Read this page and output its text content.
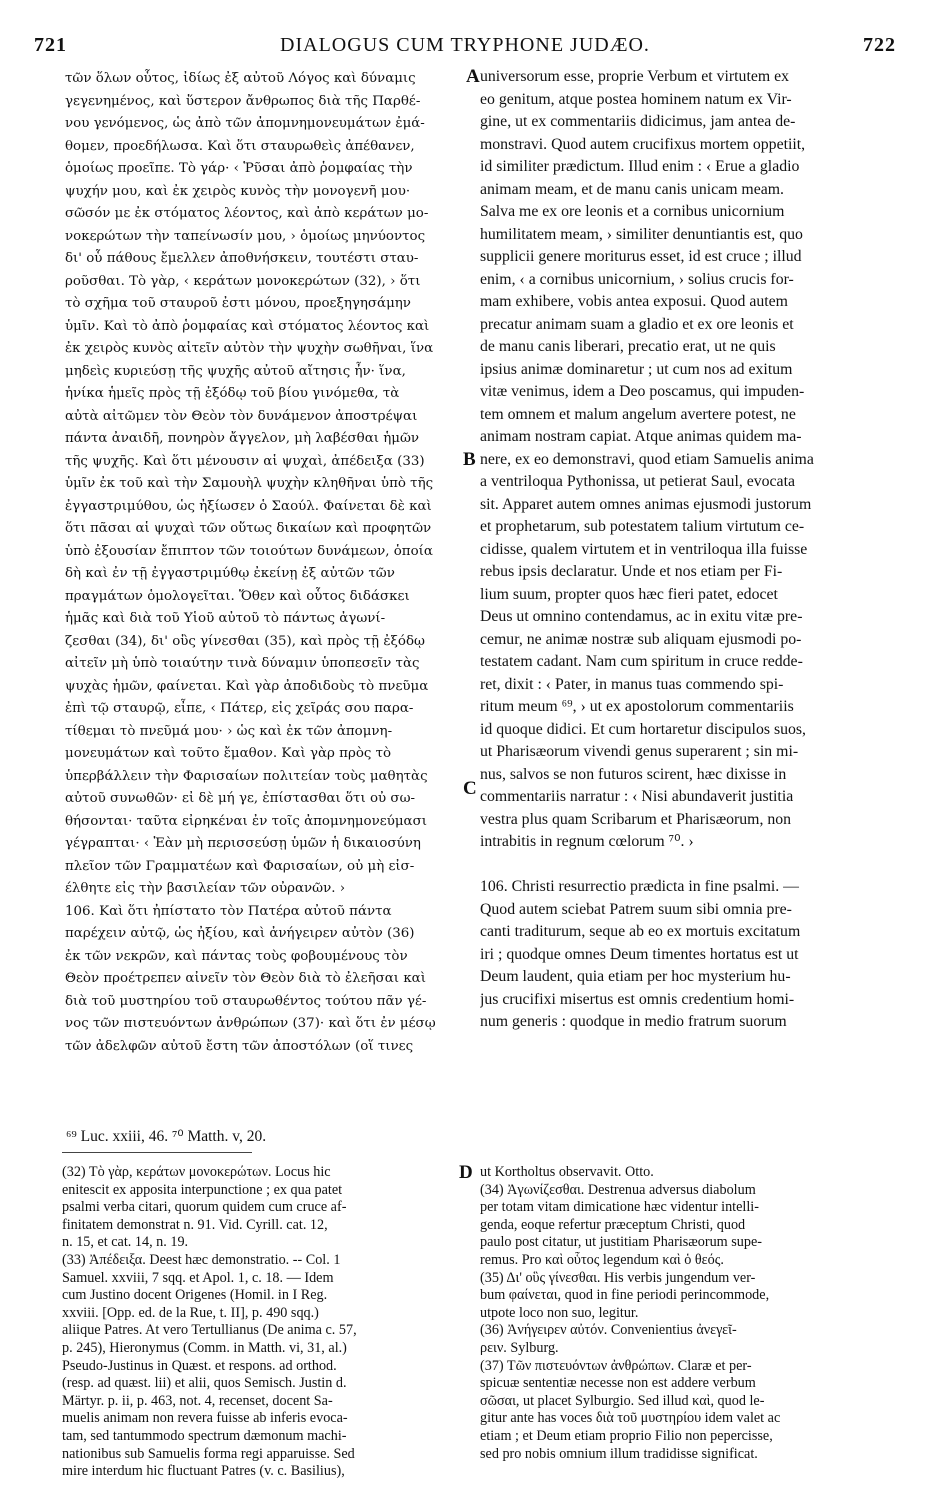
721	DIALOGUS CUM TRYPHONE JUDÆO.	722
τῶν ὅλων οὗτος, ἰδίως ἐξ αὐτοῦ Λόγος καὶ δύναμις
γεγενημένος, καὶ ὕστερον ἄνθρωπος διὰ τῆς Παρθέ-
νου γενόμενος, ὡς ἀπὸ τῶν ἀπομνημονευμάτων ἐμά-
θομεν, προεδήλωσα. Καὶ ὅτι σταυρωθεὶς ἀπέθανεν,
ὁμοίως προεῖπε. Τὸ γάρ· ‹ Ῥῦσαι ἀπὸ ῥομφαίας τὴν
ψυχήν μου, καὶ ἐκ χειρὸς κυνὸς τὴν μονογενῆ μου·
σῶσόν με ἐκ στόματος λέοντος, καὶ ἀπὸ κεράτων μο-
νοκερώτων τὴν ταπείνωσίν μου, › ὁμοίως μηνύοντος
δι' οὗ πάθους ἔμελλεν ἀποθνήσκειν, τουτέστι σταυ-
ροῦσθαι. Τὸ γὰρ, ‹ κεράτων μονοκερώτων (32), › ὅτι
τὸ σχῆμα τοῦ σταυροῦ ἐστι μόνου, προεξηγησάμην
ὑμῖν. Καὶ τὸ ἀπὸ ῥομφαίας καὶ στόματος λέοντος καὶ
ἐκ χειρὸς κυνὸς αἰτεῖν αὐτὸν τὴν ψυχὴν σωθῆναι, ἵνα
μηδεὶς κυριεύσῃ τῆς ψυχῆς αὐτοῦ αἴτησις ἦν· ἵνα,
ἡνίκα ἡμεῖς πρὸς τῇ ἐξόδῳ τοῦ βίου γινόμεθα, τὰ
αὐτὰ αἰτῶμεν τὸν Θεὸν τὸν δυνάμενον ἀποστρέψαι
πάντα ἀναιδῆ, πονηρὸν ἄγγελον, μὴ λαβέσθαι ἡμῶν
τῆς ψυχῆς. Καὶ ὅτι μένουσιν αἱ ψυχαὶ, ἀπέδειξα (33)
ὑμῖν ἐκ τοῦ καὶ τὴν Σαμουὴλ ψυχὴν κληθῆναι ὑπὸ τῆς
ἐγγαστριμύθου, ὡς ἠξίωσεν ὁ Σαούλ. Φαίνεται δὲ καὶ
ὅτι πᾶσαι αἱ ψυχαὶ τῶν οὕτως δικαίων καὶ προφητῶν
ὑπὸ ἐξουσίαν ἔπιπτον τῶν τοιούτων δυνάμεων, ὁποία
δὴ καὶ ἐν τῇ ἐγγαστριμύθῳ ἐκείνῃ ἐξ αὐτῶν τῶν
πραγμάτων ὁμολογεῖται. Ὅθεν καὶ οὗτος διδάσκει
ἡμᾶς καὶ διὰ τοῦ Υἱοῦ αὐτοῦ τὸ πάντως ἀγωνί-
ζεσθαι (34), δι' οὓς γίνεσθαι (35), καὶ πρὸς τῇ ἐξόδῳ
αἰτεῖν μὴ ὑπὸ τοιαύτην τινὰ δύναμιν ὑποπεσεῖν τὰς
ψυχὰς ἡμῶν, φαίνεται. Καὶ γὰρ ἀποδιδοὺς τὸ πνεῦμα
ἐπὶ τῷ σταυρῷ, εἶπε, ‹ Πάτερ, εἰς χεῖράς σου παρα-
τίθεμαι τὸ πνεῦμά μου· › ὡς καὶ ἐκ τῶν ἀπομνη-
μονευμάτων καὶ τοῦτο ἔμαθον. Καὶ γὰρ πρὸς τὸ
ὑπερβάλλειν τὴν Φαρισαίων πολιτείαν τοὺς μαθητὰς
αὐτοῦ συνωθῶν· εἰ δὲ μή γε, ἐπίστασθαι ὅτι οὐ σω-
θήσονται· ταῦτα εἰρηκέναι ἐν τοῖς ἀπομνημονεύμασι
γέγραπται· ‹ Ἐὰν μὴ περισσεύσῃ ὑμῶν ἡ δικαιοσύνη
πλεῖον τῶν Γραμματέων καὶ Φαρισαίων, οὐ μὴ εἰσ-
έλθητε εἰς τὴν βασιλείαν τῶν οὐρανῶν. ›
106. Καὶ ὅτι ἠπίστατο τὸν Πατέρα αὐτοῦ πάντα
παρέχειν αὐτῷ, ὡς ἠξίου, καὶ ἀνήγειρεν αὐτὸν (36)
ἐκ τῶν νεκρῶν, καὶ πάντας τοὺς φοβουμένους τὸν
Θεὸν προέτρεπεν αἰνεῖν τὸν Θεὸν διὰ τὸ ἐλεῆσαι καὶ
διὰ τοῦ μυστηρίου τοῦ σταυρωθέντος τούτου πᾶν γέ-
νος τῶν πιστευόντων ἀνθρώπων (37)· καὶ ὅτι ἐν μέσῳ
τῶν ἀδελφῶν αὐτοῦ ἔστη τῶν ἀποστόλων (οἵ τινες
universorum esse, proprie Verbum et virtutem ex
eo genitum, atque postea hominem natum ex Vir-
gine, ut ex commentariis didicimus, jam antea de-
monstravi. Quod autem crucifixus mortem oppetiit,
id similiter prædictum. Illud enim : ‹ Erue a gladio
animam meam, et de manu canis unicam meam.
Salva me ex ore leonis et a cornibus unicornium
humilitatem meam, › similiter denuntiantis est, quo
supplicii genere moriturus esset, id est cruce ; illud
enim, ‹ a cornibus unicornium, › solius crucis for-
mam exhibere, vobis antea exposui. Quod autem
precatur animam suam a gladio et ex ore leonis et
de manu canis liberari, precatio erat, ut ne quis
ipsius animæ dominaretur ; ut cum nos ad exitum
vitæ venimus, idem a Deo poscamus, qui impuden-
tem omnem et malum angelum avertere potest, ne
animam nostram capiat. Atque animas quidem ma-
nere, ex eo demonstravi, quod etiam Samuelis anima
a ventriloqua Pythonissa, ut petierat Saul, evocata
sit. Apparet autem omnes animas ejusmodi justorum
et prophetarum, sub potestatem talium virtutum ce-
cidisse, qualem virtutem et in ventriloqua illa fuisse
rebus ipsis declaratur. Unde et nos etiam per Fi-
lium suum, propter quos hæc fieri patet, edocet
Deus ut omnino contendamus, ac in exitu vitæ pre-
cemur, ne animæ nostræ sub aliquam ejusmodi po-
testatem cadant. Nam cum spiritum in cruce redde-
ret, dixit : ‹ Pater, in manus tuas commendo spi-
ritum meum ⁶⁹, › ut ex apostolorum commentariis
id quoque didici. Et cum hortaretur discipulos suos,
ut Pharisæorum vivendi genus superarent ; sin mi-
nus, salvos se non futuros scirent, hæc dixisse in
commentariis narratur : ‹ Nisi abundaverit justitia
vestra plus quam Scribarum et Pharisæorum, non
intrabitis in regnum cœlorum ⁷⁰. ›

106. Christi resurrectio prædicta in fine psalmi. —
Quod autem sciebat Patrem suum sibi omnia pre-
canti traditurum, seque ab eo ex mortuis excitatum
iri ; quodque omnes Deum timentes hortatus est ut
Deum laudent, quia etiam per hoc mysterium hu-
jus crucifixi misertus est omnis credentium homi-
num generis : quodque in medio fratrum suorum
A
B
C
D
⁶⁹ Luc. xxiii, 46. ⁷⁰ Matth. v, 20.
(32) Τὸ γὰρ, κεράτων μονοκερώτων. Locus hic
enitescit ex apposita interpunctione ; ex qua patet
psalmi verba citari, quorum quidem cum cruce af-
finitatem demonstrat n. 91. Vid. Cyrill. cat. 12,
n. 15, et cat. 14, n. 19.
(33) Ἀπέδειξα. Deest hæc demonstratio. -- Col. 1
Samuel. xxviii, 7 sqq. et Apol. 1, c. 18. — Idem
cum Justino docent Origenes (Homil. in I Reg.
xxviii. [Opp. ed. de la Rue, t. II], p. 490 sqq.)
aliique Patres. At vero Tertullianus (De anima c. 57,
p. 245), Hieronymus (Comm. in Matth. vi, 31, al.)
Pseudo-Justinus in Quæst. et respons. ad orthod.
(resp. ad quæst. lii) et alii, quos Semisch. Justin d.
Märtyr. p. ii, p. 463, not. 4, recenset, docent Sa-
muelis animam non revera fuisse ab inferis evoca-
tam, sed tantummodo spectrum dæmonum machi-
nationibus sub Samuelis forma regi apparuisse. Sed
mire interdum hic fluctuant Patres (v. c. Basilius),
ut Kortholtus observavit. Otto.
(34) Ἀγωνίζεσθαι. Destrenua adversus diabolum
per totam vitam dimicatione hæc videntur intelli-
genda, eoque refertur præceptum Christi, quod
paulo post citatur, ut justitiam Pharisæorum supe-
remus. Pro καὶ οὗτος legendum καὶ ὁ θεός.
(35) Δι' οὓς γίνεσθαι. His verbis jungendum ver-
bum φαίνεται, quod in fine periodi perincommode,
utpote loco non suo, legitur.
(36) Ἀνήγειρεν αὐτόν. Convenientius ἀνεγεῖ-
ρειν. Sylburg.
(37) Τῶν πιστευόντων ἀνθρώπων. Claræ et per-
spicuæ sententiæ necesse non est addere verbum
σῶσαι, ut placet Sylburgio. Sed illud καὶ, quod le-
gitur ante has voces διὰ τοῦ μυστηρίου idem valet ac
etiam ; et Deum etiam proprio Filio non pepercisse,
sed pro nobis omnium illum tradidisse significat.
